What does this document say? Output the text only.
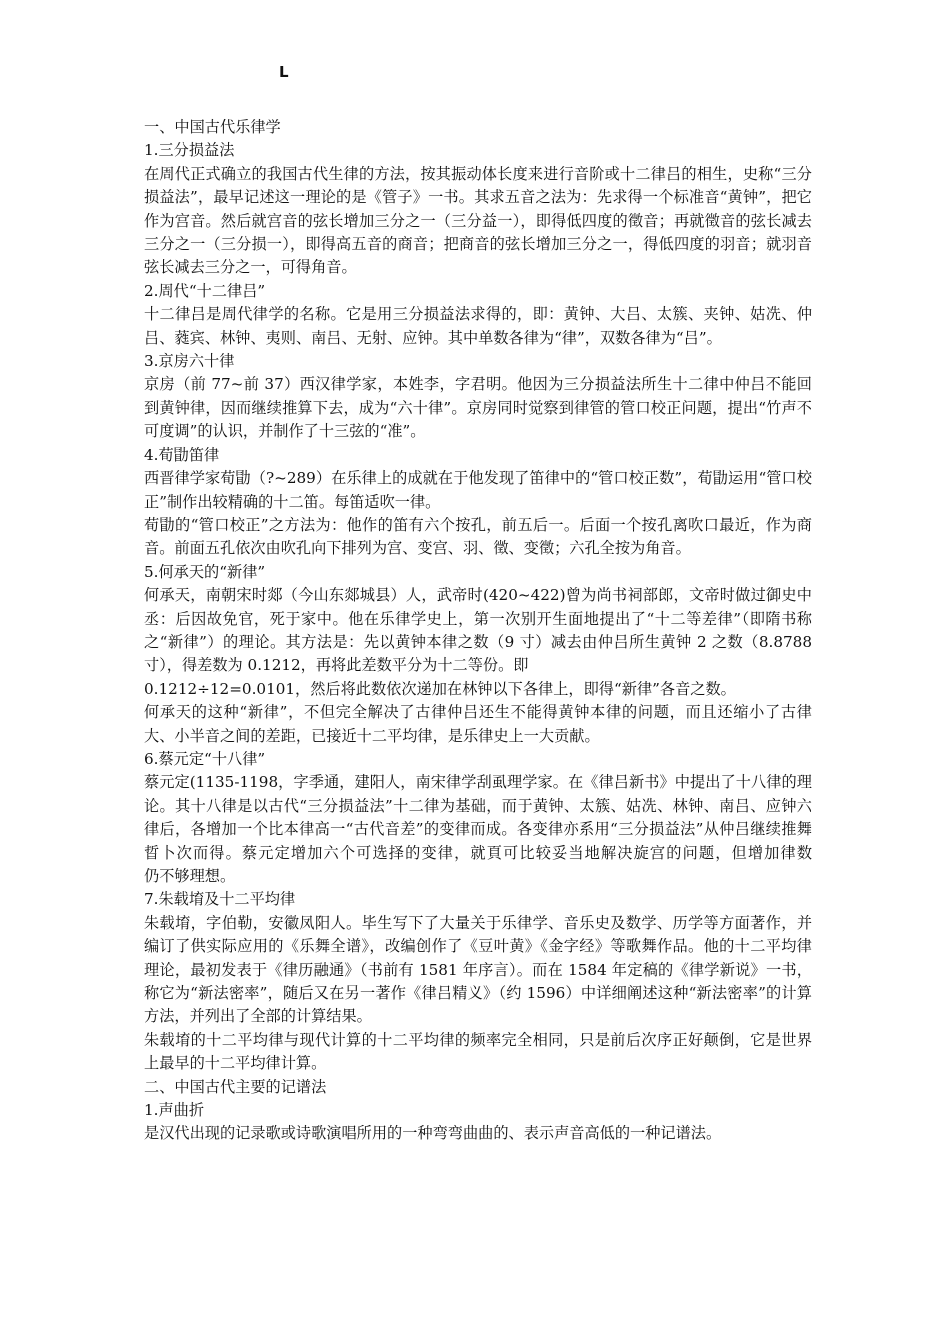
L
一、中国古代乐律学
1.三分损益法
在周代正式确立的我国古代生律的方法，按其振动体长度来进行音阶或十二律吕的相生，史称“三分损益法”，最早记述这一理论的是《管子》一书。其求五音之法为：先求得一个标准音“黄钟”，把它作为宫音。然后就宫音的弦长增加三分之一（三分益一），即得低四度的徵音；再就徵音的弦长减去三分之一（三分损一），即得高五音的商音；把商音的弦长增加三分之一，得低四度的羽音；就羽音弦长减去三分之一，可得角音。
2.周代“十二律吕”
十二律吕是周代律学的名称。它是用三分损益法求得的，即：黄钟、大吕、太簇、夹钟、姑冼、仲吕、蕤宾、林钟、夷则、南吕、无射、应钟。其中单数各律为“律”，双数各律为“吕”。
3.京房六十律
京房（前 77~前 37）西汉律学家，本姓李，字君明。他因为三分损益法所生十二律中仲吕不能回到黄钟律，因而继续推算下去，成为“六十律”。京房同时觉察到律管的管口校正问题，提出“竹声不可度调”的认识，并制作了十三弦的“准”。
4.荀勖笛律
西晋律学家荀勖（?~289）在乐律上的成就在于他发现了笛律中的“管口校正数”，荀勖运用“管口校正”制作出较精确的十二笛。每笛适吹一律。
荀勖的“管口校正”之方法为：他作的笛有六个按孔，前五后一。后面一个按孔离吹口最近，作为商音。前面五孔依次由吹孔向下排列为宫、变宫、羽、徵、变徵；六孔全按为角音。
5.何承天的“新律”
何承天，南朝宋时郯（今山东郯城县）人，武帝时(420~422)曾为尚书祠部郎，文帝时做过御史中丞：后因故免官，死于家中。他在乐律学史上，第一次别开生面地提出了“十二等差律”（即隋书称之“新律”）的理论。其方法是：先以黄钟本律之数（9 寸）减去由仲吕所生黄钟 2 之数（8.8788 寸），得差数为 0.1212，再将此差数平分为十二等份。即
0.1212÷12=0.0101，然后将此数依次递加在林钟以下各律上，即得“新律”各音之数。
何承天的这种“新律”，不但完全解决了古律仲吕还生不能得黄钟本律的问题，而且还缩小了古律大、小半音之间的差距，已接近十二平均律，是乐律史上一大贡献。
6.蔡元定“十八律”
蔡元定(1135-1198，字季通，建阳人，南宋律学刮虱理学家。在《律吕新书》中提出了十八律的理论。其十八律是以古代“三分损益法”十二律为基础，而于黄钟、太簇、姑冼、林钟、南吕、应钟六律后，各增加一个比本律高一“古代音差”的变律而成。各变律亦系用“三分损益法”从仲吕继续推舞晢卜次而得。蔡元定增加六个可选择的变律，就頁可比较妥当地解决旋宫的问题，但增加律数　　仍不够理想。
7.朱载堉及十二平均律
朱载堉，字伯勒，安徽凤阳人。毕生写下了大量关于乐律学、音乐史及数学、历学等方面著作，并编订了供实际应用的《乐舞全谱》，改编创作了《豆叶黄》《金字经》等歌舞作品。他的十二平均律理论，最初发表于《律历融通》（书前有 1581 年序言）。而在 1584 年定稿的《律学新说》一书，称它为“新法密率”，随后又在另一著作《律吕精义》（约 1596）中详细阐述这种“新法密率”的计算方法，并列出了全部的计算结果。
朱载堉的十二平均律与现代计算的十二平均律的频率完全相同，只是前后次序正好颠倒，它是世界上最早的十二平均律计算。
二、中国古代主要的记谱法
1.声曲折
是汉代出现的记录歌或诗歌演唱所用的一种弯弯曲曲的、表示声音高低的一种记谱法。
